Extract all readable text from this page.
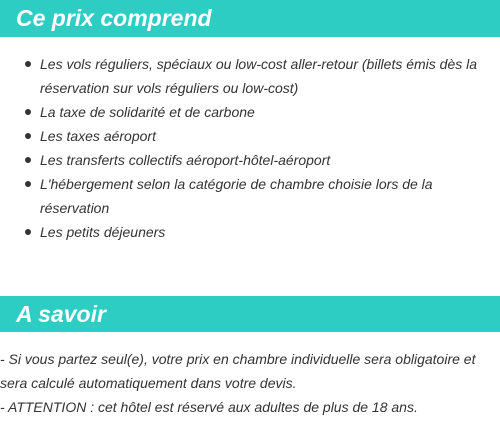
Ce prix comprend
Les vols réguliers, spéciaux ou low-cost aller-retour (billets émis dès la réservation sur vols réguliers ou low-cost)
La taxe de solidarité et de carbone
Les taxes aéroport
Les transferts collectifs aéroport-hôtel-aéroport
L'hébergement selon la catégorie de chambre choisie lors de la réservation
Les petits déjeuners
A savoir

- Si vous partez seul(e), votre prix en chambre individuelle sera obligatoire et sera calculé automatiquement dans votre devis.

- ATTENTION : cet hôtel est réservé aux adultes de plus de 18 ans.
